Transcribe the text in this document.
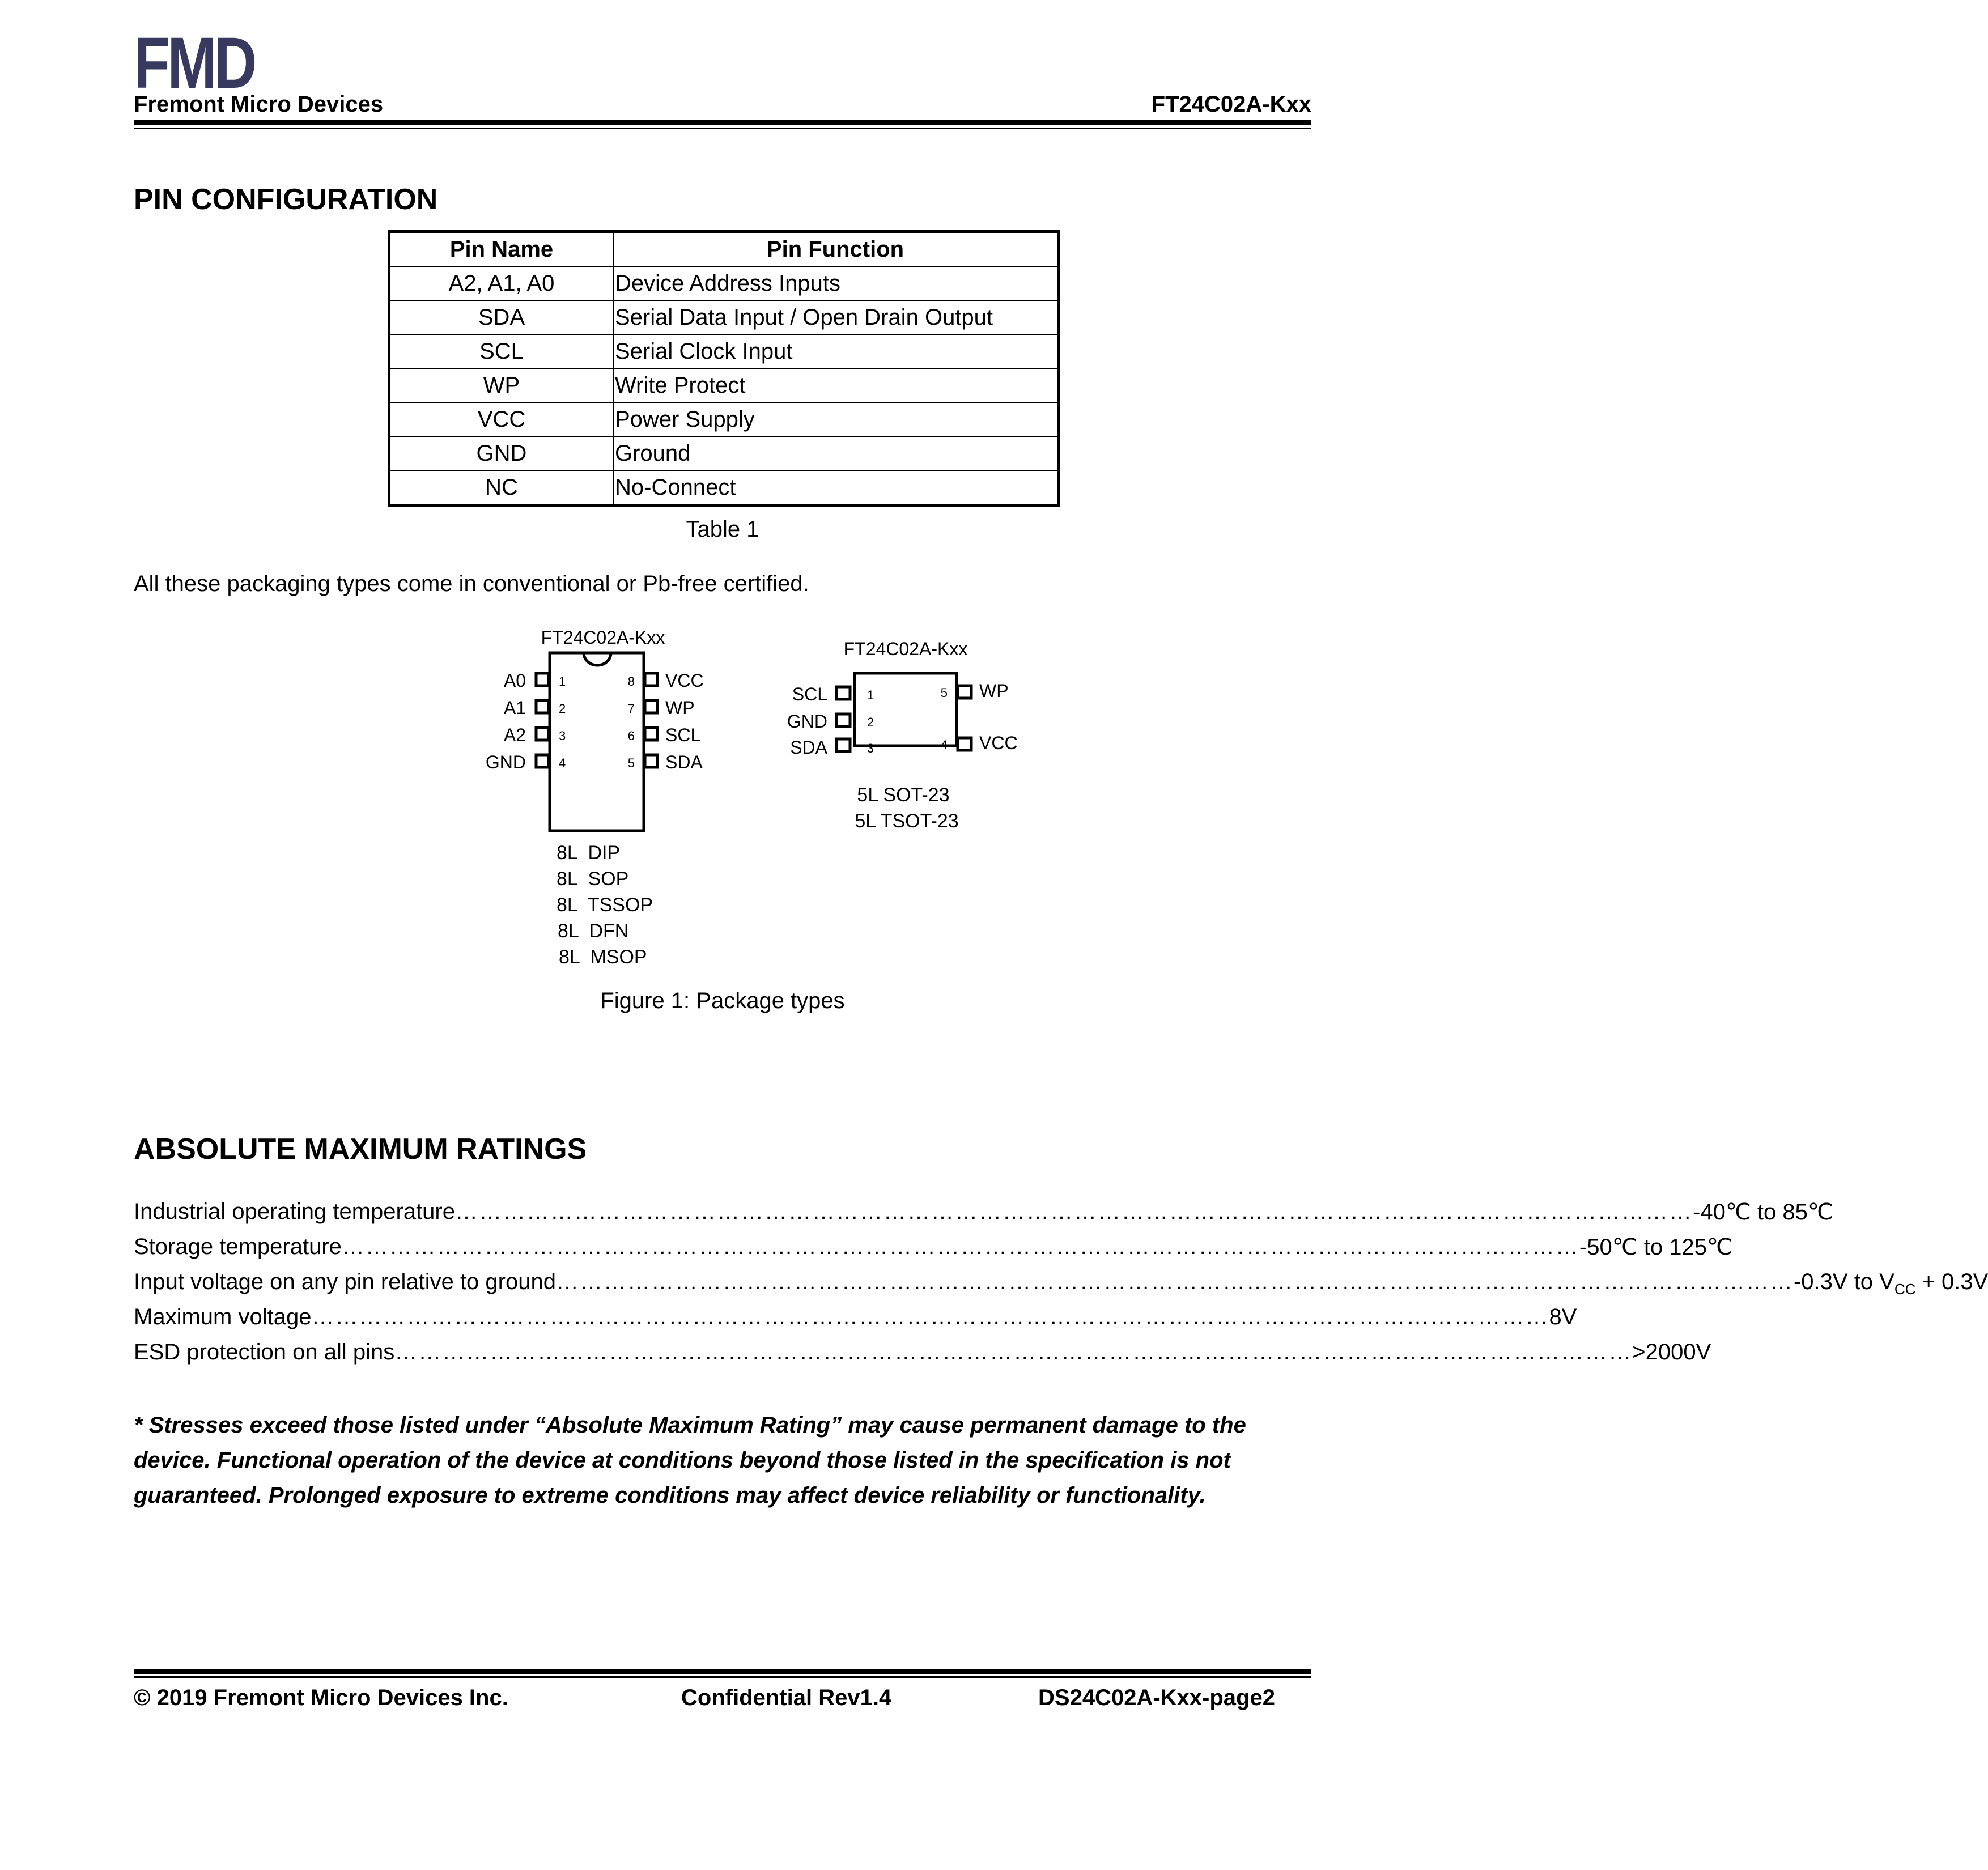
FMD
Fremont Micro Devices	FT24C02A-Kxx
PIN CONFIGURATION
Pin Name	Pin Function
A2, A1, A0	Device Address Inputs
SDA	Serial Data Input / Open Drain Output
SCL	Serial Clock Input
WP	Write Protect
VCC	Power Supply
GND	Ground
NC	No-Connect
Table 1
All these packaging types come in conventional or Pb-free certified.
FT24C02A-Kxx
A0
A1
A2
GND
1
2
3
4
VCC
WP
SCL
SDA
8
7
6
5
8L  DIP
8L  SOP
8L  TSSOP
8L  DFN
8L  MSOP
FT24C02A-Kxx
SCL
GND
SDA
1
2
3
WP
VCC
5
4
5L SOT-23
5L TSOT-23
Figure 1: Package types
ABSOLUTE MAXIMUM RATINGS
Industrial operating temperature ………………………………………………………………………………………………………………………………………… -40℃ to 85℃
Storage temperature ………………………………………………………………………………………………………………………………………… -50℃ to 125℃
Input voltage on any pin relative to ground ………………………………………………………………………………………………………………………………………… -0.3V to $V_{CC} + 0.3V$
Maximum voltage ………………………………………………………………………………………………………………………………………… 8V
ESD protection on all pins ………………………………………………………………………………………………………………………………………… >2000V
* Stresses exceed those listed under “Absolute Maximum Rating” may cause permanent damage to the device. Functional operation of the device at conditions beyond those listed in the specification is not guaranteed. Prolonged exposure to extreme conditions may affect device reliability or functionality.
© 2019 Fremont Micro Devices Inc.	Confidential Rev1.4	DS24C02A-Kxx-page2
